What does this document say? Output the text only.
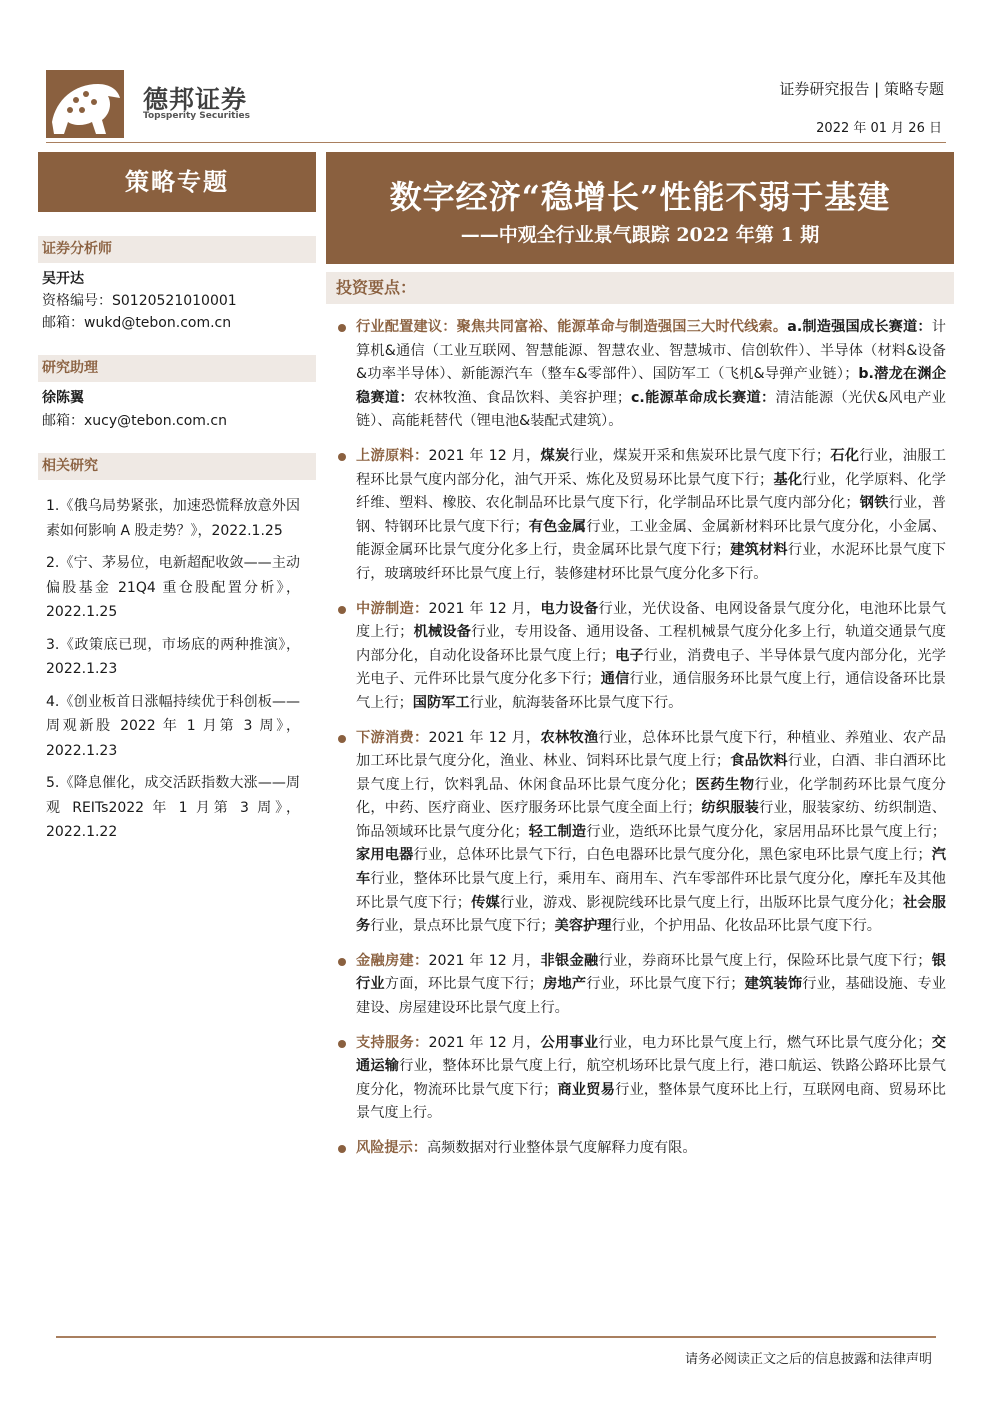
德邦证券
Topsperity Securities
证券研究报告 | 策略专题
2022 年 01 月 26 日
策略专题
证券分析师
吴开达
资格编号：S0120521010001
邮箱：wukd@tebon.com.cn
研究助理
徐陈翼
邮箱：xucy@tebon.com.cn
相关研究
1.《俄乌局势紧张，加速恐慌释放意外因素如何影响 A 股走势？》，2022.1.25
2.《宁、茅易位，电新超配收敛——主动偏股基金 21Q4 重仓股配置分析》，2022.1.25
3.《政策底已现，市场底的两种推演》，2022.1.23
4.《创业板首日涨幅持续优于科创板——周观新股 2022 年 1 月第 3 周》，2022.1.23
5.《降息催化，成交活跃指数大涨——周观 REITs2022 年 1 月第 3 周》，2022.1.22
数字经济“稳增长”性能不弱于基建
——中观全行业景气跟踪 2022 年第 1 期
投资要点：
行业配置建议：聚焦共同富裕、能源革命与制造强国三大时代线索。a.制造强国成长赛道：计算机&通信（工业互联网、智慧能源、智慧农业、智慧城市、信创软件）、半导体（材料&设备&功率半导体）、新能源汽车（整车&零部件）、国防军工（飞机&导弹产业链）；b.潜龙在渊企稳赛道：农林牧渔、食品饮料、美容护理；c.能源革命成长赛道：清洁能源（光伏&风电产业链）、高能耗替代（锂电池&装配式建筑）。
上游原料：2021 年 12 月，煤炭行业，煤炭开采和焦炭环比景气度下行；石化行业，油服工程环比景气度内部分化，油气开采、炼化及贸易环比景气度下行；基化行业，化学原料、化学纤维、塑料、橡胶、农化制品环比景气度下行，化学制品环比景气度内部分化；钢铁行业，普钢、特钢环比景气度下行；有色金属行业，工业金属、金属新材料环比景气度分化，小金属、能源金属环比景气度分化多上行，贵金属环比景气度下行；建筑材料行业，水泥环比景气度下行，玻璃玻纤环比景气度上行，装修建材环比景气度分化多下行。
中游制造：2021 年 12 月，电力设备行业，光伏设备、电网设备景气度分化，电池环比景气度上行；机械设备行业，专用设备、通用设备、工程机械景气度分化多上行，轨道交通景气度内部分化，自动化设备环比景气度上行；电子行业，消费电子、半导体景气度内部分化，光学光电子、元件环比景气度分化多下行；通信行业，通信服务环比景气度上行，通信设备环比景气上行；国防军工行业，航海装备环比景气度下行。
下游消费：2021 年 12 月，农林牧渔行业，总体环比景气度下行，种植业、养殖业、农产品加工环比景气度分化，渔业、林业、饲料环比景气度上行；食品饮料行业，白酒、非白酒环比景气度上行，饮料乳品、休闲食品环比景气度分化；医药生物行业，化学制药环比景气度分化，中药、医疗商业、医疗服务环比景气度全面上行；纺织服装行业，服装家纺、纺织制造、饰品领域环比景气度分化；轻工制造行业，造纸环比景气度分化，家居用品环比景气度上行；家用电器行业，总体环比景气下行，白色电器环比景气度分化，黑色家电环比景气度上行；汽车行业，整体环比景气度上行，乘用车、商用车、汽车零部件环比景气度分化，摩托车及其他环比景气度下行；传媒行业，游戏、影视院线环比景气度上行，出版环比景气度分化；社会服务行业，景点环比景气度下行；美容护理行业，个护用品、化妆品环比景气度下行。
金融房建：2021 年 12 月，非银金融行业，券商环比景气度上行，保险环比景气度下行；银行业方面，环比景气度下行；房地产行业，环比景气度下行；建筑装饰行业，基础设施、专业建设、房屋建设环比景气度上行。
支持服务：2021 年 12 月，公用事业行业，电力环比景气度上行，燃气环比景气度分化；交通运输行业，整体环比景气度上行，航空机场环比景气度上行，港口航运、铁路公路环比景气度分化，物流环比景气度下行；商业贸易行业，整体景气度环比上行，互联网电商、贸易环比景气度上行。
风险提示：高频数据对行业整体景气度解释力度有限。
请务必阅读正文之后的信息披露和法律声明
